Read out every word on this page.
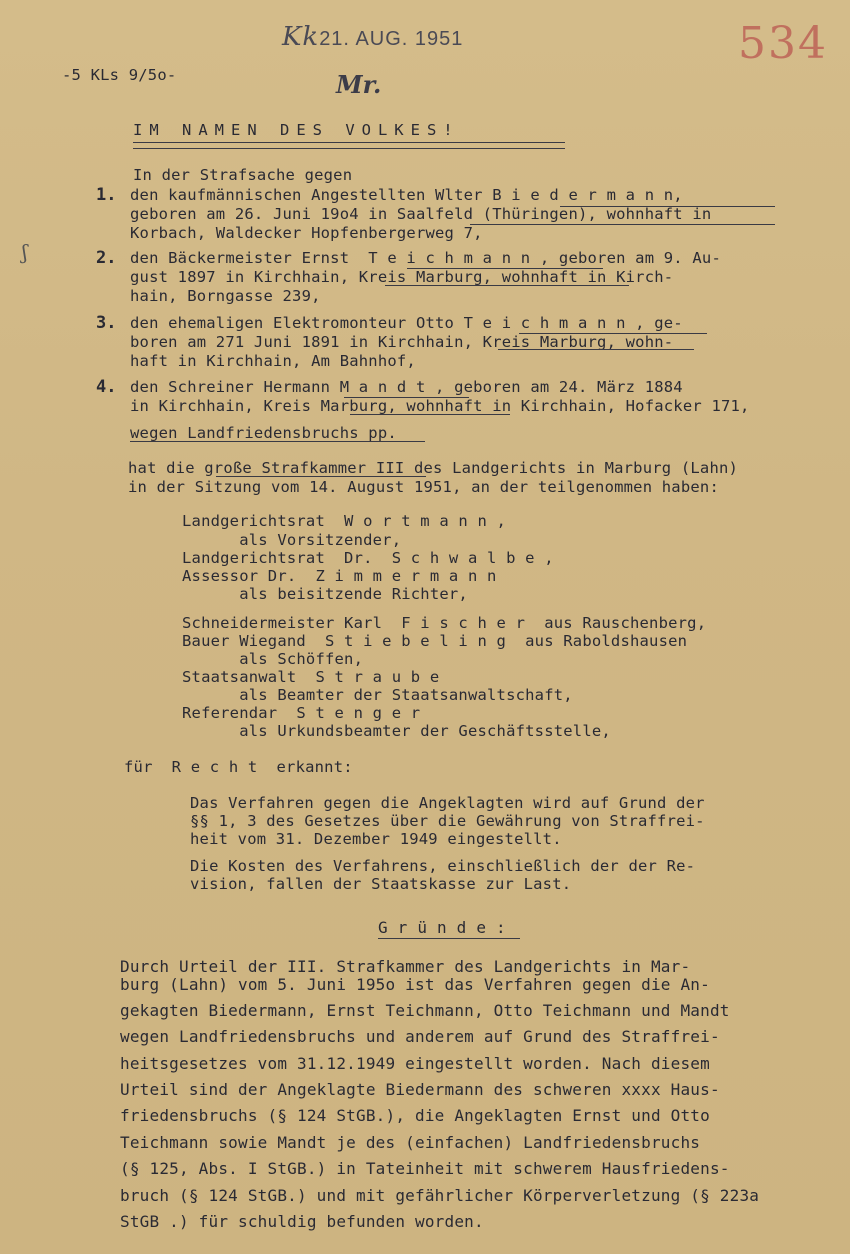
Kk21. AUG. 1951
Mr.
534
-5 KLs 9/5o-
IM NAMEN DES VOLKES!
ʃ
In der Strafsache gegen
1. den kaufmännischen Angestellten Wlter B i e d e r m a n n,
geboren am 26. Juni 19o4 in Saalfeld (Thüringen), wohnhaft in
Korbach, Waldecker Hopfenbergerweg 7,
2. den Bäckermeister Ernst  T e i c h m a n n , geboren am 9. Au-
gust 1897 in Kirchhain, Kreis Marburg, wohnhaft in Kirch-
hain, Borngasse 239,
3. den ehemaligen Elektromonteur Otto T e i c h m a n n , ge-
boren am 271 Juni 1891 in Kirchhain, Kreis Marburg, wohn-
haft in Kirchhain, Am Bahnhof,
4. den Schreiner Hermann M a n d t , geboren am 24. März 1884
in Kirchhain, Kreis Marburg, wohnhaft in Kirchhain, Hofacker 171,
wegen Landfriedensbruchs pp.
hat die große Strafkammer III des Landgerichts in Marburg (Lahn)
in der Sitzung vom 14. August 1951, an der teilgenommen haben:
Landgerichtsrat  W o r t m a n n ,
als Vorsitzender,
Landgerichtsrat  Dr.  S c h w a l b e ,
Assessor Dr.  Z i m m e r m a n n
als beisitzende Richter,
Schneidermeister Karl  F i s c h e r  aus Rauschenberg,
Bauer Wiegand  S t i e b e l i n g  aus Raboldshausen
als Schöffen,
Staatsanwalt  S t r a u b e
als Beamter der Staatsanwaltschaft,
Referendar  S t e n g e r
als Urkundsbeamter der Geschäftsstelle,
für  R e c h t  erkannt:
Das Verfahren gegen die Angeklagten wird auf Grund der
§§ 1, 3 des Gesetzes über die Gewährung von Straffrei-
heit vom 31. Dezember 1949 eingestellt.
Die Kosten des Verfahrens, einschließlich der der Re-
vision, fallen der Staatskasse zur Last.
G r ü n d e :
Durch Urteil der III. Strafkammer des Landgerichts in Mar-
burg (Lahn) vom 5. Juni 195o ist das Verfahren gegen die An-
gekagten Biedermann, Ernst Teichmann, Otto Teichmann und Mandt
wegen Landfriedensbruchs und anderem auf Grund des Straffrei-
heitsgesetzes vom 31.12.1949 eingestellt worden. Nach diesem
Urteil sind der Angeklagte Biedermann des schweren xxxx Haus-
friedensbruchs (§ 124 StGB.), die Angeklagten Ernst und Otto
Teichmann sowie Mandt je des (einfachen) Landfriedensbruchs
(§ 125, Abs. I StGB.) in Tateinheit mit schwerem Hausfriedens-
bruch (§ 124 StGB.) und mit gefährlicher Körperverletzung (§ 223a
StGB .) für schuldig befunden worden.
